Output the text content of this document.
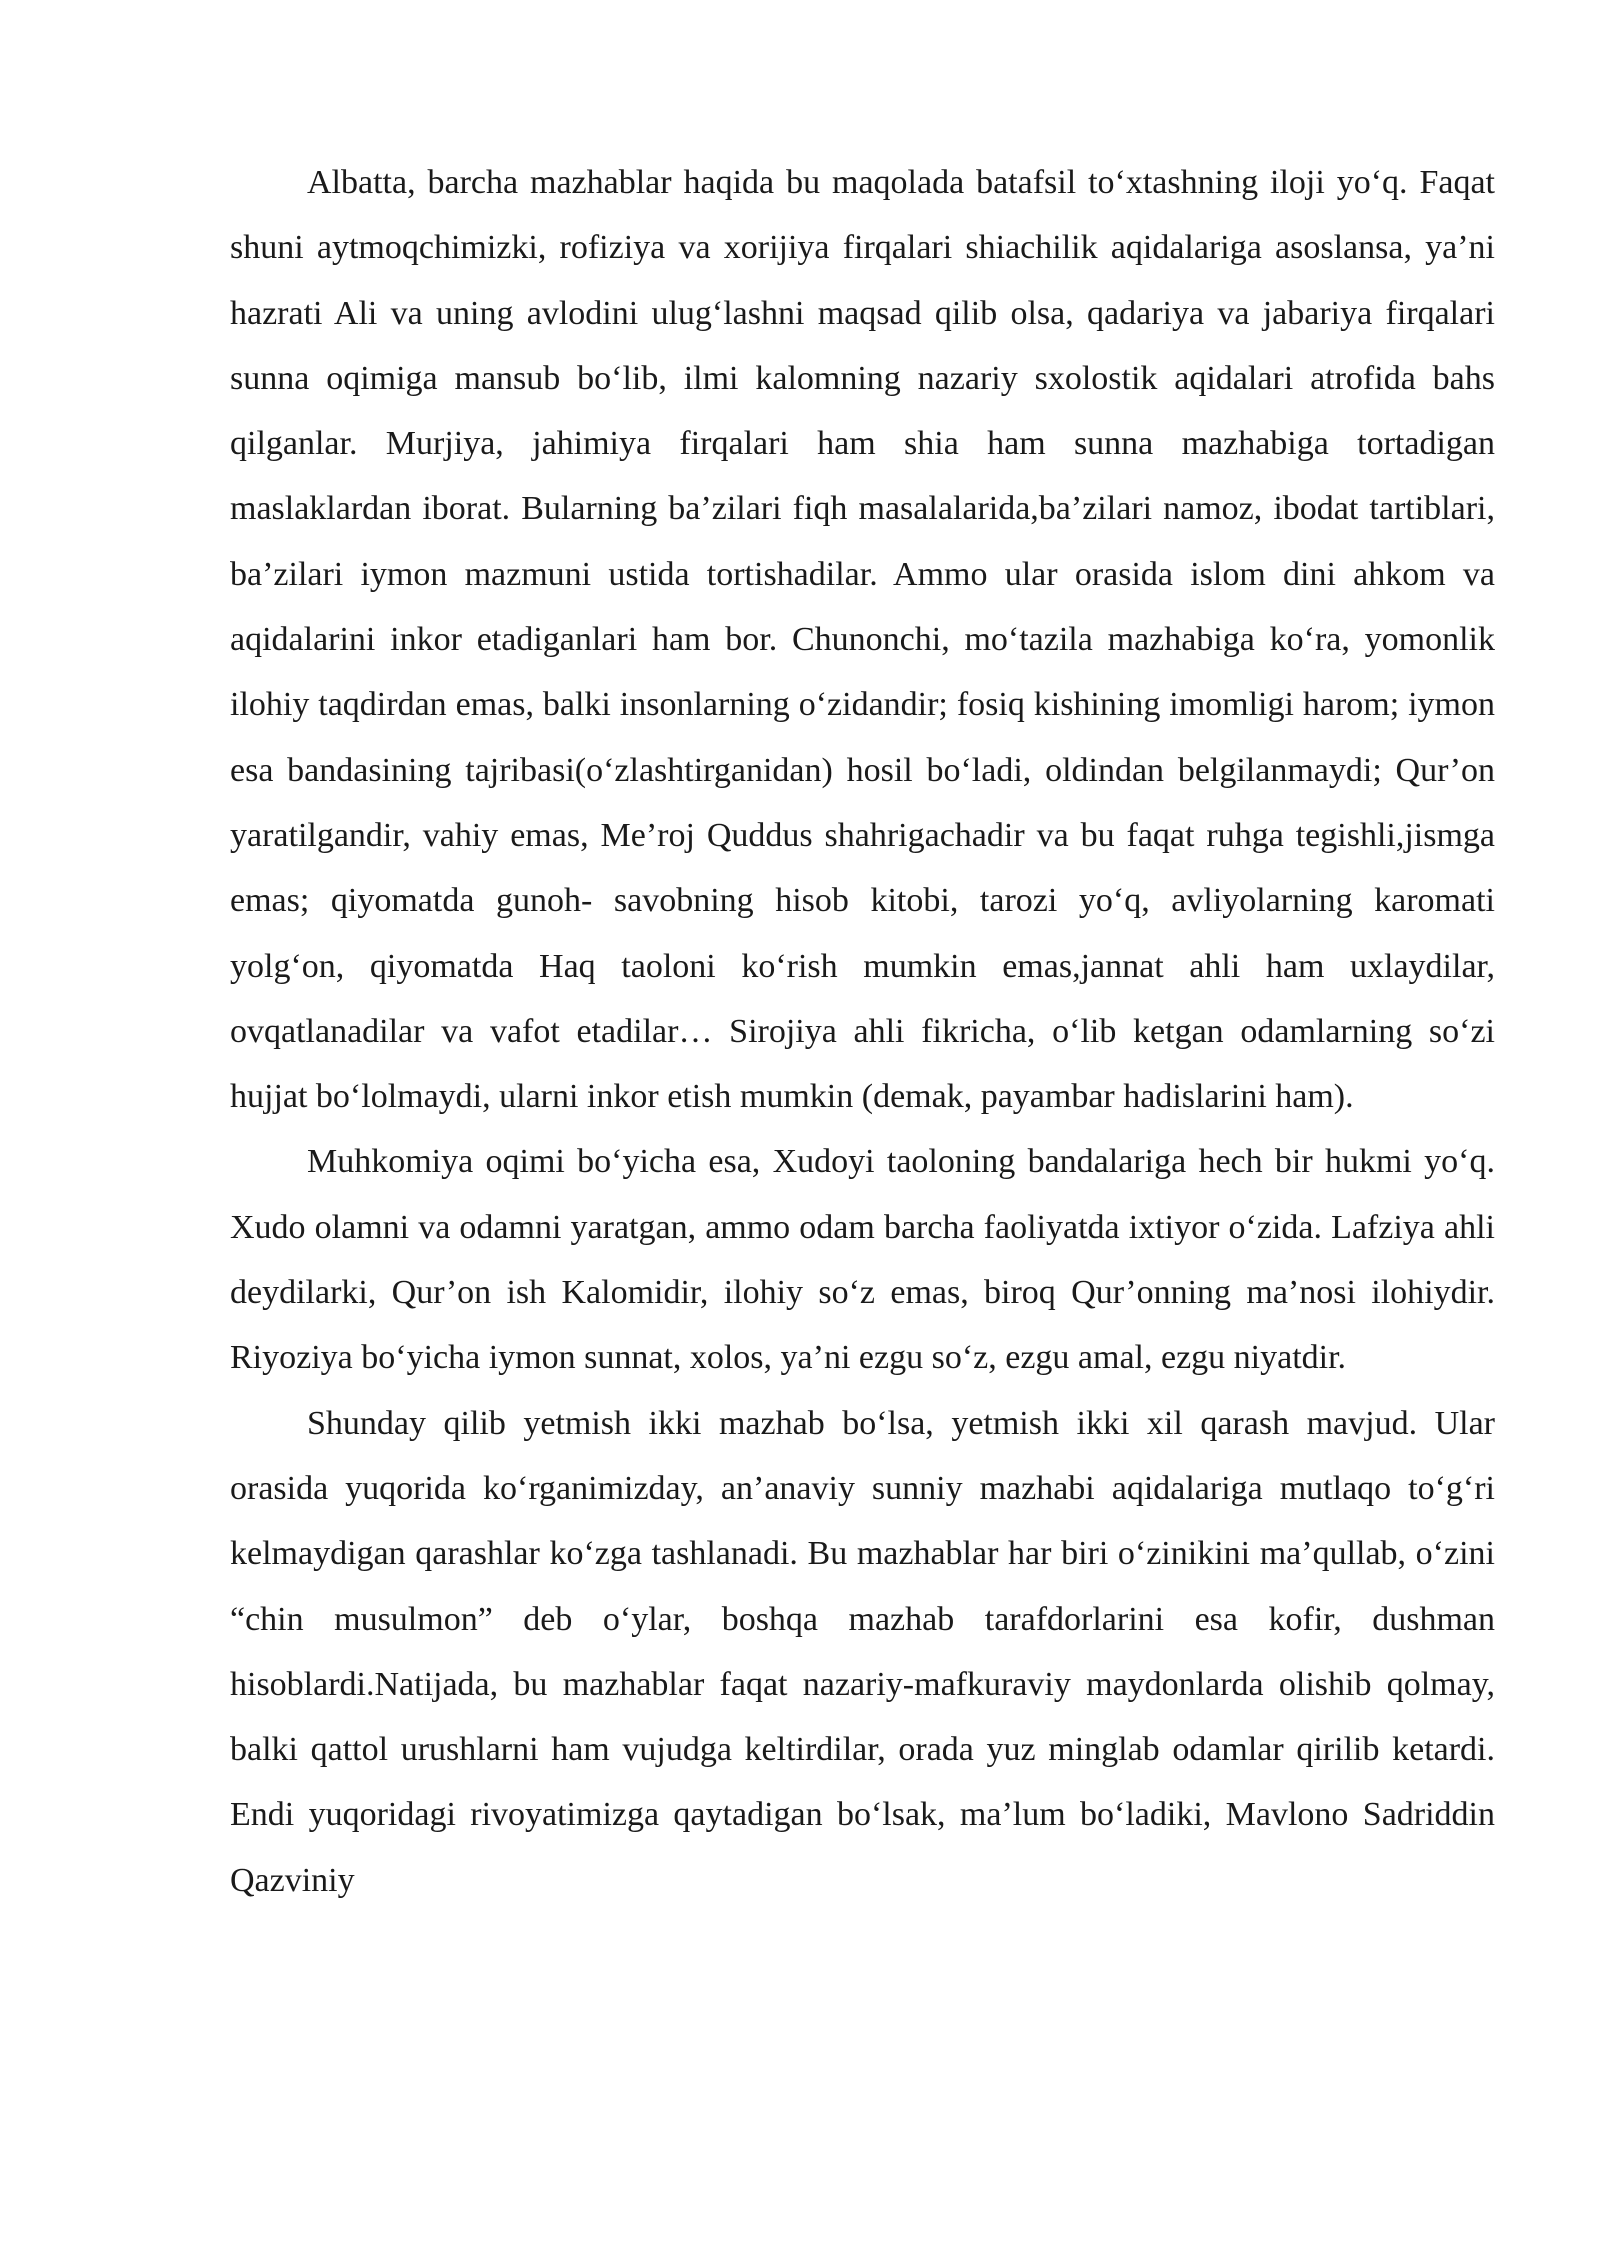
Albatta, barcha mazhablar haqida bu maqolada batafsil to‘xtashning iloji yo‘q. Faqat shuni aytmoqchimizki, rofiziya va xorijiya firqalari shiachilik aqidalariga asoslansa, ya’ni hazrati Ali va uning avlodini ulug‘lashni maqsad qilib olsa, qadariya va jabariya firqalari sunna oqimiga mansub bo‘lib, ilmi kalomning nazariy sxolostik aqidalari atrofida bahs qilganlar. Murjiya, jahimiya firqalari ham shia ham sunna mazhabiga tortadigan maslaklardan iborat. Bularning ba’zilari fiqh masalalarida,ba’zilari namoz, ibodat tartiblari, ba’zilari iymon mazmuni ustida tortishadilar. Ammo ular orasida islom dini ahkom va aqidalarini inkor etadiganlari ham bor. Chunonchi, mo‘tazila mazhabiga ko‘ra, yomonlik ilohiy taqdirdan emas, balki insonlarning o‘zidandir; fosiq kishining imomligi harom; iymon esa bandasining tajribasi(o‘zlashtirganidan) hosil bo‘ladi, oldindan belgilanmaydi; Qur’on yaratilgandir, vahiy emas, Me’roj Quddus shahrigachadir va bu faqat ruhga tegishli,jismga emas; qiyomatda gunoh- savobning hisob kitobi, tarozi yo‘q, avliyolarning karomati yolg‘on, qiyomatda Haq taoloni ko‘rish mumkin emas,jannat ahli ham uxlaydilar, ovqatlanadilar va vafot etadilar… Sirojiya ahli fikricha, o‘lib ketgan odamlarning so‘zi hujjat bo‘lolmaydi, ularni inkor etish mumkin (demak, payambar hadislarini ham).

Muhkomiya oqimi bo‘yicha esa, Xudoyi taoloning bandalariga hech bir hukmi yo‘q. Xudo olamni va odamni yaratgan, ammo odam barcha faoliyatda ixtiyor o‘zida. Lafziya ahli deydilarki, Qur’on ish Kalomidir, ilohiy so‘z emas, biroq Qur’onning ma’nosi ilohiydir. Riyoziya bo‘yicha iymon sunnat, xolos, ya’ni ezgu so‘z, ezgu amal, ezgu niyatdir.

Shunday qilib yetmish ikki mazhab bo‘lsa, yetmish ikki xil qarash mavjud. Ular orasida yuqorida ko‘rganimizday, an’anaviy sunniy mazhabi aqidalariga mutlaqo to‘g‘ri kelmaydigan qarashlar ko‘zga tashlanadi. Bu mazhablar har biri o‘zinikini ma’qullab, o‘zini “chin musulmon” deb o‘ylar, boshqa mazhab tarafdorlarini esa kofir, dushman hisoblardi.Natijada, bu mazhablar faqat nazariy-mafkuraviy maydonlarda olishib qolmay, balki qattol urushlarni ham vujudga keltirdilar, orada yuz minglab odamlar qirilib ketardi. Endi yuqoridagi rivoyatimizga qaytadigan bo‘lsak, ma’lum bo‘ladiki, Mavlono Sadriddin Qazviniy
